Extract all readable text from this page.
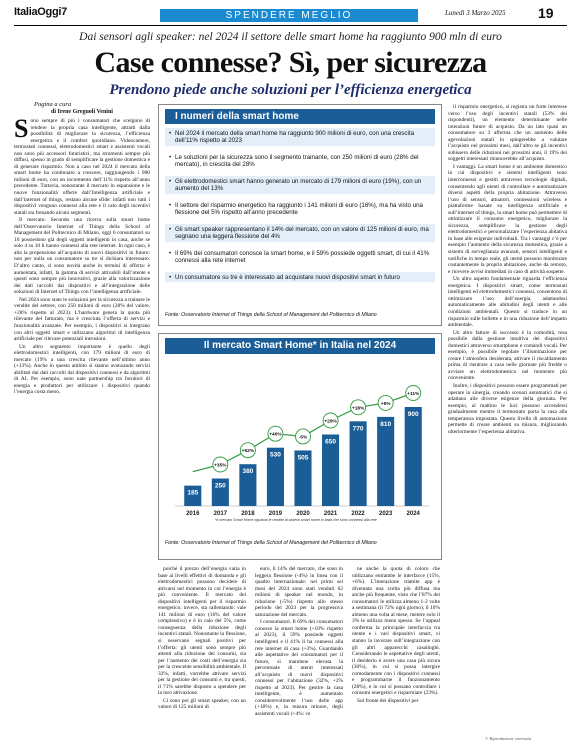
ItaliaOggi7	SPENDERE MEGLIO	Lunedì 3 Marzo 2025 19
Dai sensori agli speaker: nel 2024 il settore delle smart home ha raggiunto 900 mln di euro
Case connesse? Sì, per sicurezza
Prendono piede anche soluzioni per l’efficienza energetica
Pagina a cura
di Irene Greguoli Venini

Sono sempre di più i consumatori che scelgono di rendere la propria casa intelligente, attratti dalla possibilità di migliorare la sicurezza, l’efficienza energetica e il comfort quotidiano. Videocamere, termostati connessi, elettrodomestici smart e assistenti vocali non sono più accessori futuristici, ma strumenti sempre più diffusi, spesso in grado di semplificare la gestione domestica e di generare risparmio. Non a caso nel 2024 il mercato della smart home ha continuato a crescere, raggiungendo i 900 milioni di euro, con un incremento dell’11% rispetto all’anno precedente. Tuttavia, nonostante il mercato in espansione e le nuove funzionalità offerte dall’Intelligenza artificiale e dall’internet of things, restano alcune sfide: infatti non tutti i dispositivi vengono connessi alla rete e il calo degli incentivi statali sta frenando alcuni segmenti.

Il mercato. Secondo una ricerca sulla smart home dell’Osservatorio Internet of Things della School of Management del Politecnico di Milano, oggi 6 consumatori su 10 possiedono già degli oggetti intelligenti in casa, anche se solo 4 su 10 li hanno connessi alla rete internet. In ogni caso, è alta la propensione all’acquisto di nuovi dispositivi in futuro: non per nulla un consumatore su tre si dichiara interessato. D’altro canto, ci sono novità anche in termini di offerta: è aumentata, infatti, la gamma di servizi attivabili dall’utente e questi sono sempre più innovativi, grazie alla valorizzazione dei dati raccolti dai dispositivi e all’integrazione delle soluzioni di Internet of Things con l’intelligenza artificiale.

Nel 2024 sono state le soluzioni per la sicurezza a trainare le vendite del settore, con 250 milioni di euro (28% del valore, +28% rispetto al 2023). L’hardware genera la quota più rilevante del fatturato, ma è cresciuta l’offerta di servizi e funzionalità avanzate. Per esempio, i dispositivi si integrano con altri oggetti smart e utilizzano algoritmi di intelligenza artificiale per rilevare potenziali intrusioni.

Un altro segmento importante è quello degli elettrodomestici intelligenti, con 179 milioni di euro di mercato (19% a una crescita rilevante nell’ultimo anno (+13%). Anche in questo ambito si stanno avanzando servizi abilitati dai dati raccolti dai dispositivi connessi e da algoritmi di AI. Per esempio, sono nate partnership tra fornitori di energia e produttori per utilizzare i dispositivi quando l’energia costa meno,

I numeri della smart home
• Nel 2024 il mercato della smart home ha raggiunto 900 milioni di euro, con una crescita dell’11% rispetto al 2023
• Le soluzioni per la sicurezza sono il segmento trainante, con 250 milioni di euro (28% del mercato), in crescita del 28%
• Gli elettrodomestici smart hanno generato un mercato di 179 milioni di euro (19%), con un aumento del 13%
• Il settore del risparmio energetico ha raggiunto i 141 milioni di euro (16%), ma ha visto una flessione del 5% rispetto all’anno precedente
• Gli smart speaker rappresentano il 14% del mercato, con un valore di 125 milioni di euro, ma segnano una leggera flessione del 4%
• Il 69% dei consumatori conosce la smart home, e il 59% possiede oggetti smart, di cui il 41% connessi alla rete internet
• Un consumatore su tre è interessato ad acquistare nuovi dispositivi smart in futuro
Fonte: Osservatorio Internet of Things della School of Management del Politecnico di Milano
Il mercato Smart Home* in Italia nel 2024
185
2016
250
2017
380
2018
530
2019
505
2020
650
2021
770
2022
810
2023
900
2024
+35%
+52%
+40%
-5%
+29%
+18%
+5%
+11%
*Il mercato Smart Home riguarda le vendite di sistemi smart home in Italia che sono connessi alla rete
Fonte: Osservatorio Internet of Things della School of Management del Politecnico di Milano

poiché il prezzo dell’energia varia in base ai livelli effettivi di domanda e gli elettrodomestici possono decidere di attivarsi nel momento in cui l’energia è più conveniente. Il mercato dei dispositivi intelligenti per il risparmio energetico, invece, sta rallentando: vale 141 milioni di euro (16% del valore complessivo) e è in calo del 5%, come conseguenza della riduzione degli incentivi statali. Nonostante la flessione, si osservano segnali positivi per l’offerta: gli utenti sono sempre più attenti alla riduzione dei consumi, sia per l’aumento dei costi dell’energia sia per la crescente sensibilità ambientale. Il 32%, infatti, vorrebbe attivare servizi per la gestione dei consumi e, tra questi, il 71% sarebbe disposto a spendere per la loro attivazione.

Ci sono poi gli smart speaker, con un valore di 125 milioni di

euro, il 14% del mercato, che sono in leggera flessione (-4%) in linea con il quadro internazionale: nei primi sei mesi del 2024 sono stati venduti 62 milioni di speaker nel mondo, in riduzione (-5%) rispetto allo stesso periodo del 2023 per la progressiva saturazione del mercato.

I consumatori. Il 69% dei consumatori conosce la smart home (+10% rispetto al 2023), il 59% possiede oggetti intelligenti e il 41% li ha connessi alla rete internet di casa (+3%). Guardando alle aspettative dei consumatori per il futuro, si mantiene elevata la percentuale di utenti interessati all’acquisto di nuovi dispositivi connessi per l’abitazione (32%, +2% rispetto al 2023). Per gestire la casa intelligente, è aumentato considerevolmente l’uso delle app (+18%) e, in misura minore, degli assistenti vocali (+4%: ce

ne anche la quota di coloro che utilizzano entrambe le interfacce (15%, +6%). L’interazione tramite app è diventata una scelta più diffusa ma anche più frequente, visto che l’87% dei consumatori le utilizza almeno 1-2 volte a settimana (il 72% ogni giorno), il 10% almeno una volta al mese, mentre solo il 3% le utilizza meno spesso. Se l’appeal conferma la principale interfaccia tra utente e i vari dispositivi smart, vi stanno la lavorare sull’integrazione con gli altri apparecchi casalinghi. Considerando le aspettative degli utenti, il desiderio è avere una casa più sicura (30%), in cui si possa intergire comodamente con i dispositivi connessi e programmarne il funzionamento (28%), e in cui si possano controllare i consumi energetici e risparmiare (23%).

Sul fronte dei dispositivi per

il risparmio energetico, si registra un forte interesse verso l’uso degli incentivi statali (53% dei rispondenti), un elemento determinante nelle intenzioni future di acquisto. Da un lato quasi un consumatore su 3 afferma che un aumento delle agevolazioni statali lo spingerebbe a valutare l’acquisto nei prossimi mesi, dall’altro se gli incentivi subissero delle riduzioni nei prossimi anni, il 19% dei soggetti interessati rinuncerebbe all’acquisto.

I vantaggi. La smart home è un ambiente domestico in cui dispositivi e sistemi intelligenti sono interconnessi e gestiti attraverso tecnologie digitali, consentendo agli utenti di controllare e automatizzare diversi aspetti della propria abitazione. Attraverso l’uso di sensori, attuatori, connessioni wireless e piattaforme basate su intelligenza artificiale e sull’internet of things, la smart home può permettere di ottimizzare il consumo energetico, migliorare la sicurezza, semplificare la gestione degli elettrodomestici e personalizzare l’esperienza abitativa in base alle esigenze individuali. Tra i vantaggi c’è per esempio l’aumento della sicurezza domestica, grazie a sistemi di sorveglianza avanzati, sensori intelligenti e notifiche in tempo reale, gli utenti possono monitorare costantemente la propria abitazione, anche da remoto, e ricevere avvisi immediati in caso di attività sospette.

Un altro aspetto fondamentale riguarda l’efficienza energetica. I dispositivi smart, come termostati intelligenti ed elettrodomestici connessi, consentono di ottimizzare l’uso dell’energia, adattandosi automaticamente alle abitudini degli utenti e alle condizioni ambientali. Questo si traduce in un risparmio sulle bollette e in una riduzione dell’impatto ambientale.

Un altro fattore di successo è la comodità, resa possibile dalla gestione intuitiva dei dispositivi domestici attraverso smartphone e comandi vocali. Per esempio, è possibile regolare l’illuminazione per creare l’atmosfera desiderata, attivare il riscaldamento prima di rientrare a casa nelle giornate più fredde o avviare un elettrodomestico nel momento più conveniente.

Inoltre, i dispositivi possono essere programmati per operare in sinergia, creando scenari automatici che si adattano alle diverse esigenze della giornata. Per esempio, al mattino le luci possono accendersi gradualmente mentre il termostato porta la casa alla temperatura impostata. Questo livello di automazione permette di creare ambienti su misura, migliorando ulteriormente l’esperienza abitativa.

© Riproduzione riservata
